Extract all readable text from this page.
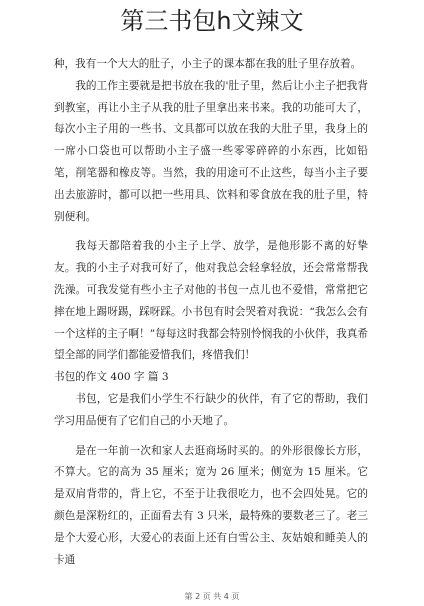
第三书包h文辣文

种，我有一个大大的肚子，小主子的课本都在我的肚子里存放着。

我的工作主要就是把书放在我的'肚子里，然后让小主子把我背到教室，再让小主子从我的肚子里拿出来书来。我的功能可大了，每次小主子用的一些书、文具都可以放在我的大肚子里，我身上的一席小口袋也可以帮助小主子盛一些零零碎碎的小东西，比如铅笔，削笔器和橡皮等。当然，我的用途可不止这些，每当小主子要出去旅游时，都可以把一些用具、饮料和零食放在我的肚子里，特别便利。

我每天都陪着我的小主子上学、放学，是他形影不离的好挚友。我的小主子对我可好了，他对我总会轻拿轻放，还会常常帮我洗澡。可我发觉有些小主子对他的书包一点儿也不爱惜，常常把它摔在地上踢呀踢，踩呀踩。小书包有时会哭着对我说：“我怎么会有一个这样的主子啊！”每每这时我都会特别怜悯我的小伙伴，我真希望全部的同学们都能爱惜我们，疼惜我们！

书包的作文 400 字 篇 3

书包，它是我们小学生不行缺少的伙伴，有了它的帮助，我们学习用品便有了它们自己的小天地了。

是在一年前一次和家人去逛商场时买的。的外形很像长方形，不算大。它的高为 35 厘米；宽为 26 厘米；侧宽为 15 厘米。它是双肩背带的，背上它，不至于让我很吃力，也不会四处晃。它的颜色是深粉红的，正面看去有 3 只米，最特殊的要数老三了。老三是个大爱心形，大爱心的表面上还有白雪公主、灰姑娘和睡美人的卡通

第 2 页 共 4 页
